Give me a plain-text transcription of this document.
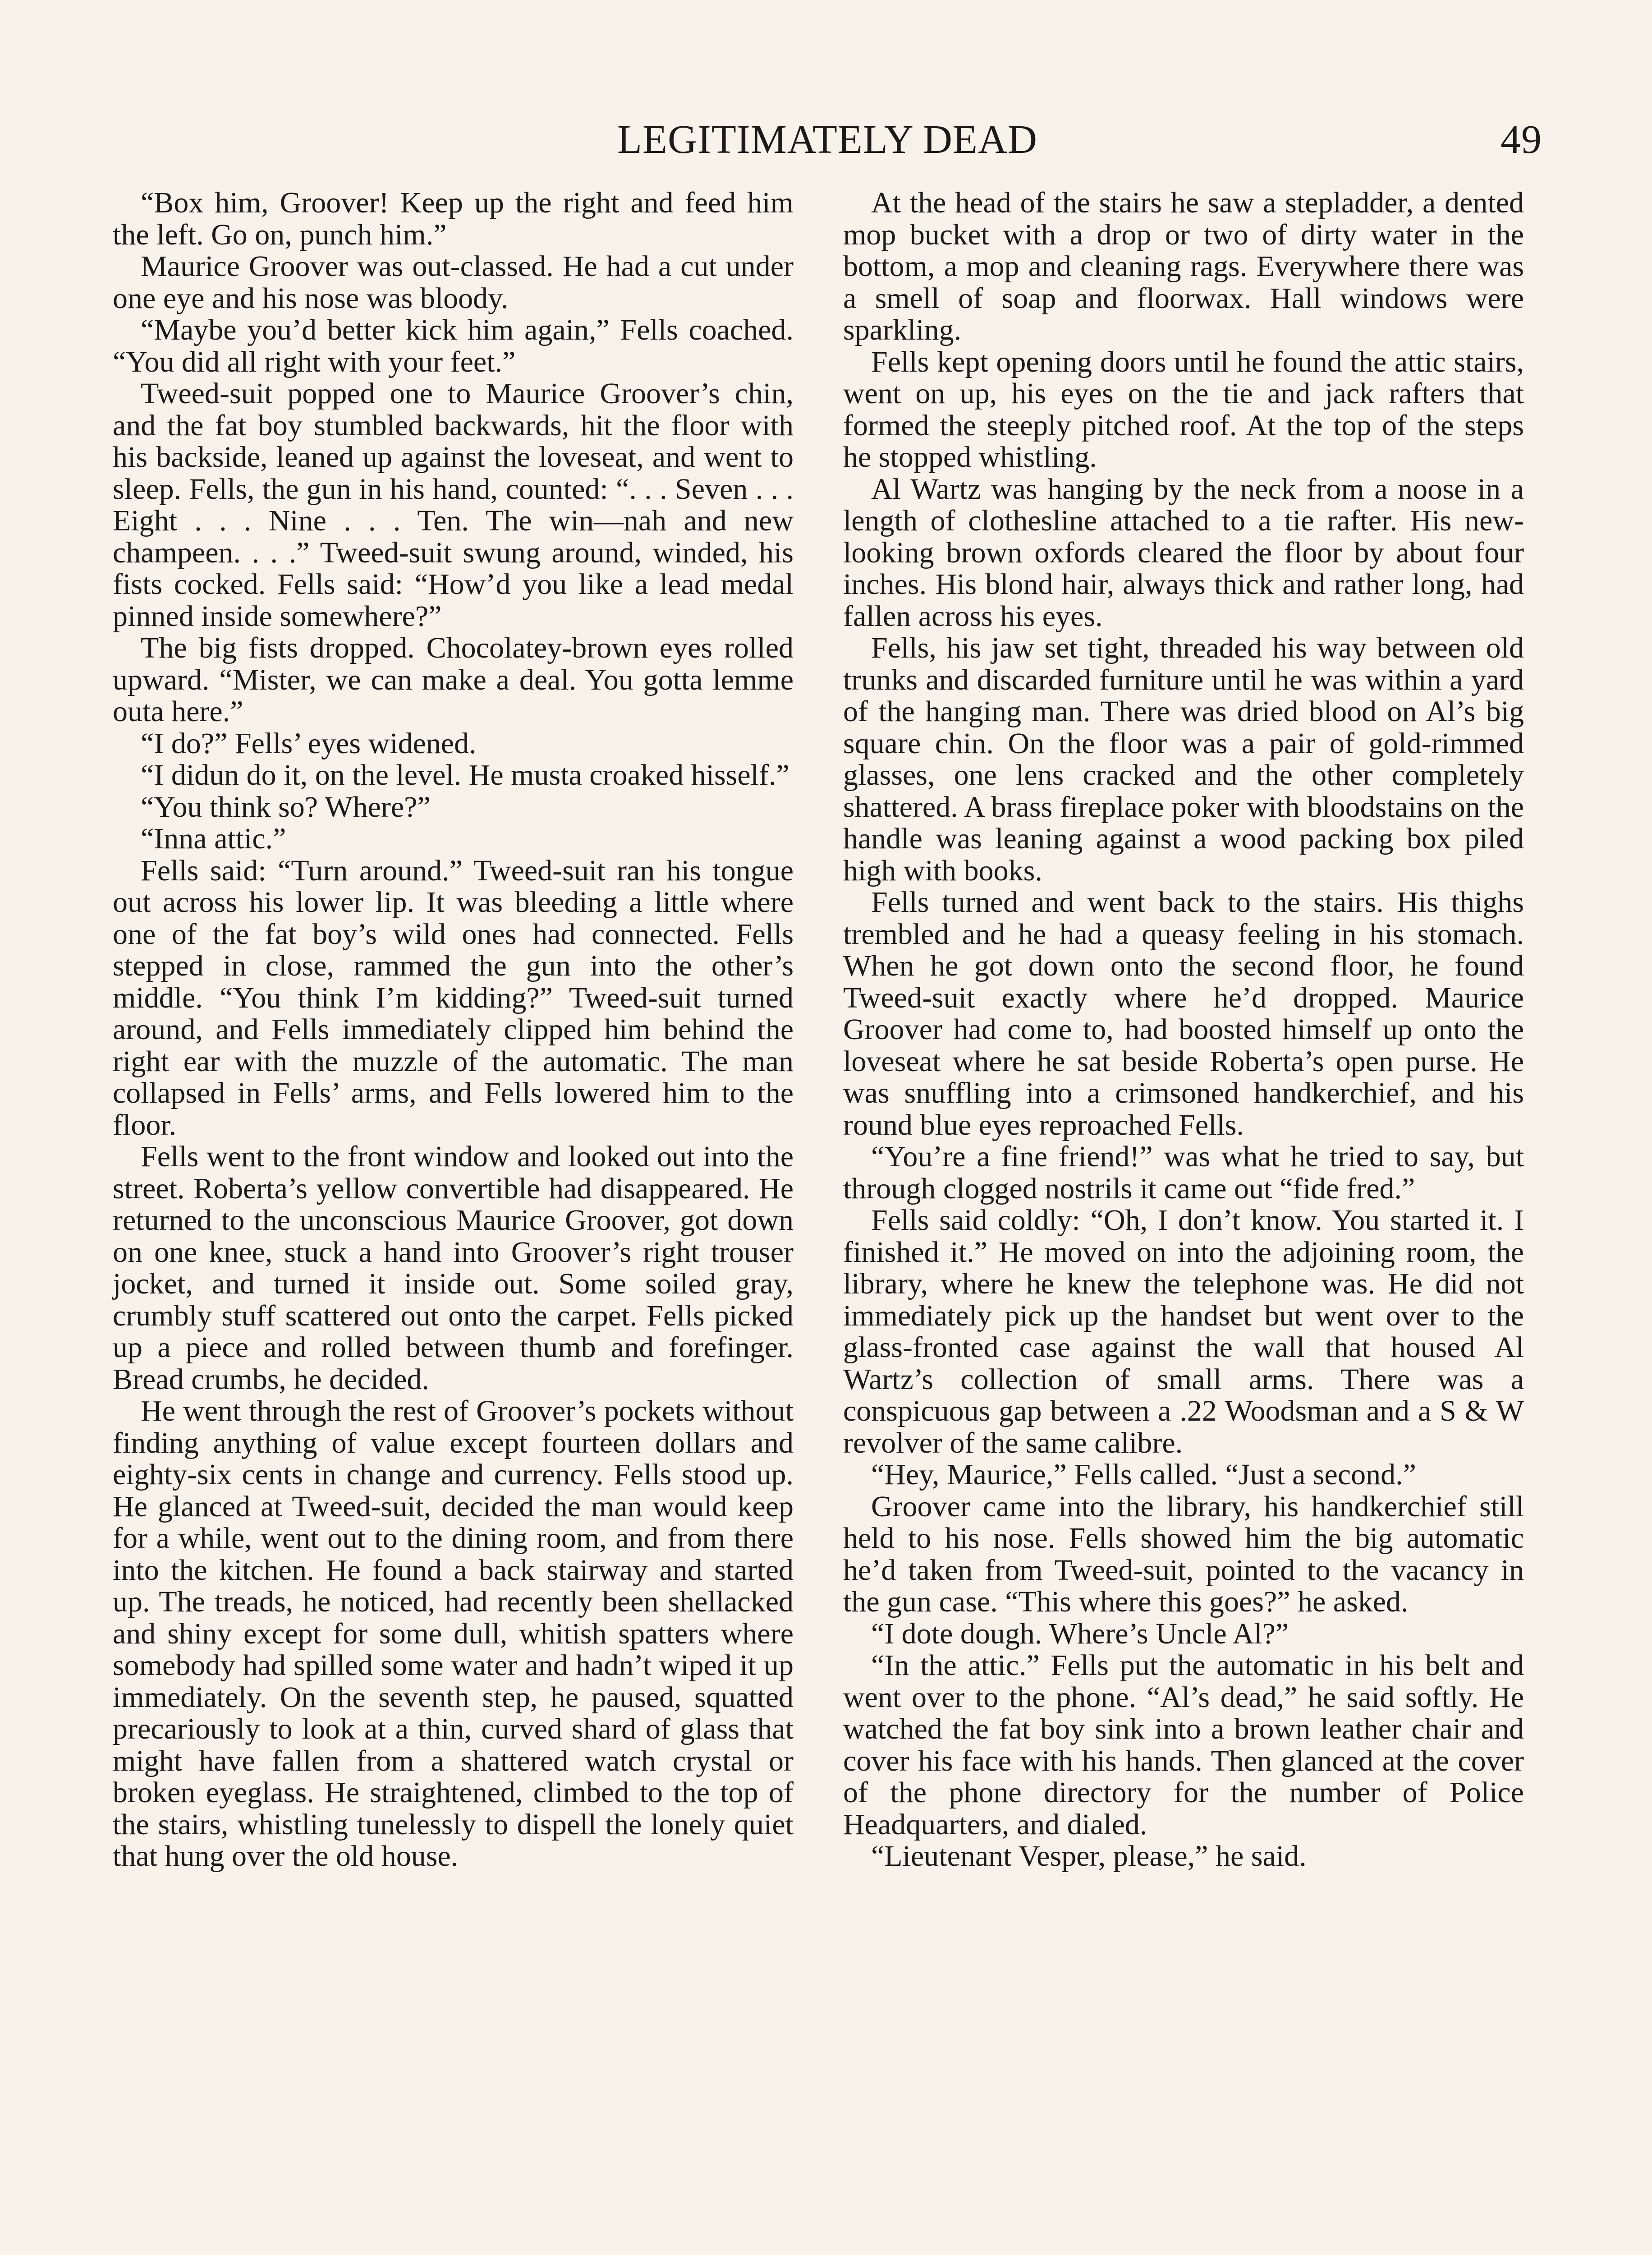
LEGITIMATELY DEAD	49

“Box him, Groover! Keep up the right and feed him the left. Go on, punch him.”

Maurice Groover was out-classed. He had a cut under one eye and his nose was bloody.

“Maybe you’d better kick him again,” Fells coached. “You did all right with your feet.”

Tweed-suit popped one to Maurice Groover’s chin, and the fat boy stumbled backwards, hit the floor with his backside, leaned up against the loveseat, and went to sleep. Fells, the gun in his hand, counted: “. . . Seven . . . Eight . . . Nine . . . Ten. The win—nah and new champeen. . . .” Tweed-suit swung around, winded, his fists cocked. Fells said: “How’d you like a lead medal pinned inside somewhere?”

The big fists dropped. Chocolatey-brown eyes rolled upward. “Mister, we can make a deal. You gotta lemme outa here.”

“I do?” Fells’ eyes widened.

“I didun do it, on the level. He musta croaked hisself.”

“You think so? Where?”

“Inna attic.”

Fells said: “Turn around.” Tweed-suit ran his tongue out across his lower lip. It was bleeding a little where one of the fat boy’s wild ones had connected. Fells stepped in close, rammed the gun into the other’s middle. “You think I’m kidding?” Tweed-suit turned around, and Fells immediately clipped him behind the right ear with the muzzle of the automatic. The man collapsed in Fells’ arms, and Fells lowered him to the floor.

Fells went to the front window and looked out into the street. Roberta’s yellow convertible had disappeared. He returned to the unconscious Maurice Groover, got down on one knee, stuck a hand into Groover’s right trouser jocket, and turned it inside out. Some soiled gray, crumbly stuff scattered out onto the carpet. Fells picked up a piece and rolled between thumb and forefinger. Bread crumbs, he decided.

He went through the rest of Groover’s pockets without finding anything of value except fourteen dollars and eighty-six cents in change and currency. Fells stood up. He glanced at Tweed-suit, decided the man would keep for a while, went out to the dining room, and from there into the kitchen. He found a back stairway and started up. The treads, he noticed, had recently been shellacked and shiny except for some dull, whitish spatters where somebody had spilled some water and hadn’t wiped it up immediately. On the seventh step, he paused, squatted precariously to look at a thin, curved shard of glass that might have fallen from a shattered watch crystal or broken eyeglass. He straightened, climbed to the top of the stairs, whistling tunelessly to dispell the lonely quiet that hung over the old house.

At the head of the stairs he saw a stepladder, a dented mop bucket with a drop or two of dirty water in the bottom, a mop and cleaning rags. Everywhere there was a smell of soap and floorwax. Hall windows were sparkling.

Fells kept opening doors until he found the attic stairs, went on up, his eyes on the tie and jack rafters that formed the steeply pitched roof. At the top of the steps he stopped whistling.

Al Wartz was hanging by the neck from a noose in a length of clothesline attached to a tie rafter. His new-looking brown oxfords cleared the floor by about four inches. His blond hair, always thick and rather long, had fallen across his eyes.

Fells, his jaw set tight, threaded his way between old trunks and discarded furniture until he was within a yard of the hanging man. There was dried blood on Al’s big square chin. On the floor was a pair of gold-rimmed glasses, one lens cracked and the other completely shattered. A brass fireplace poker with bloodstains on the handle was leaning against a wood packing box piled high with books.

Fells turned and went back to the stairs. His thighs trembled and he had a queasy feeling in his stomach. When he got down onto the second floor, he found Tweed-suit exactly where he’d dropped. Maurice Groover had come to, had boosted himself up onto the loveseat where he sat beside Roberta’s open purse. He was snuffling into a crimsoned handkerchief, and his round blue eyes reproached Fells.

“You’re a fine friend!” was what he tried to say, but through clogged nostrils it came out “fide fred.”

Fells said coldly: “Oh, I don’t know. You started it. I finished it.” He moved on into the adjoining room, the library, where he knew the telephone was. He did not immediately pick up the handset but went over to the glass-fronted case against the wall that housed Al Wartz’s collection of small arms. There was a conspicuous gap between a .22 Woodsman and a S & W revolver of the same calibre.

“Hey, Maurice,” Fells called. “Just a second.”

Groover came into the library, his handkerchief still held to his nose. Fells showed him the big automatic he’d taken from Tweed-suit, pointed to the vacancy in the gun case. “This where this goes?” he asked.

“I dote dough. Where’s Uncle Al?”

“In the attic.” Fells put the automatic in his belt and went over to the phone. “Al’s dead,” he said softly. He watched the fat boy sink into a brown leather chair and cover his face with his hands. Then glanced at the cover of the phone directory for the number of Police Headquarters, and dialed.

“Lieutenant Vesper, please,” he said.
